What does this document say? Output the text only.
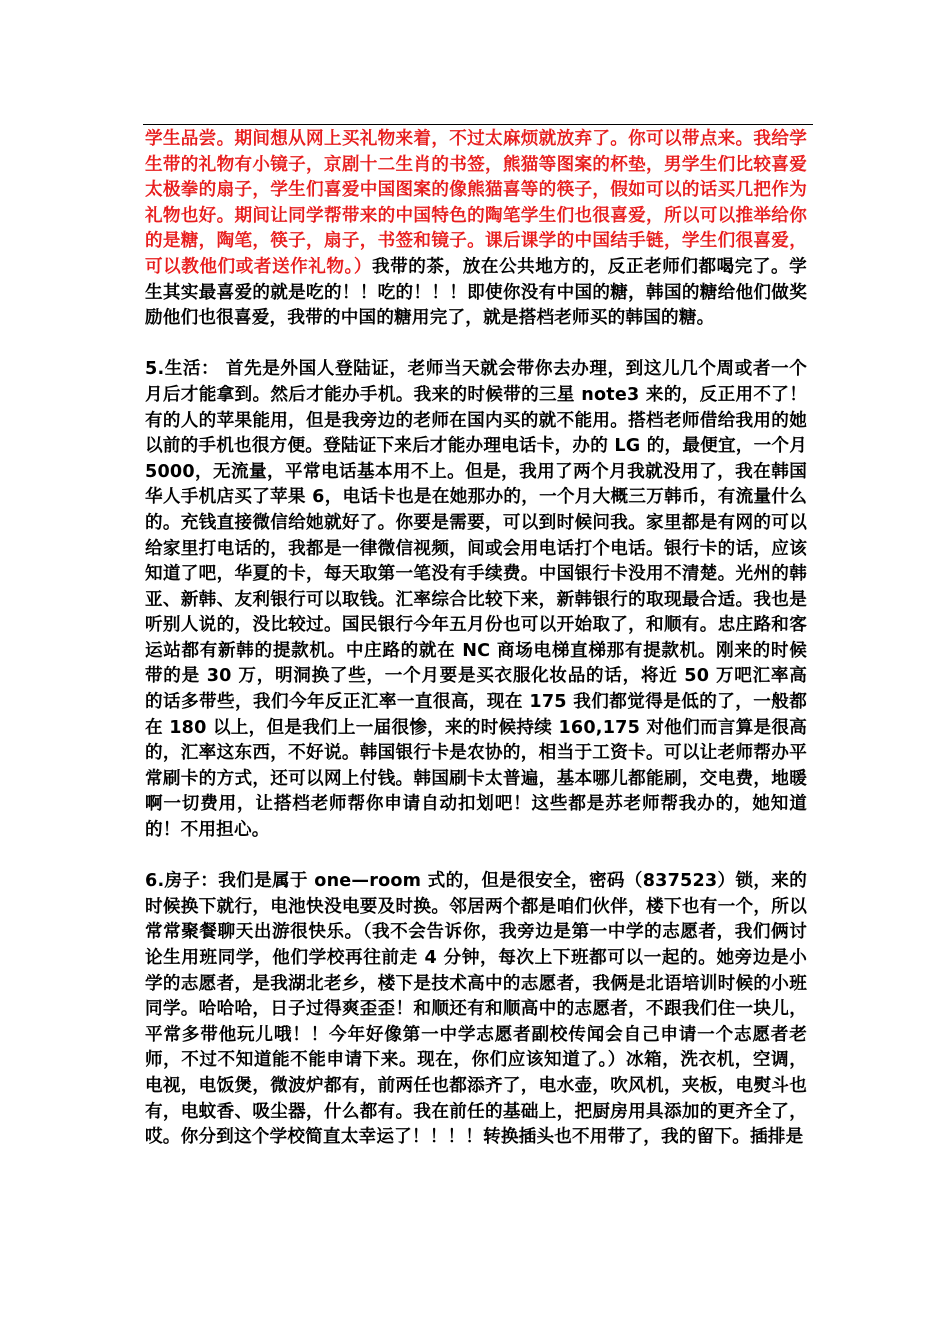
学生品尝。期间想从网上买礼物来着，不过太麻烦就放弃了。你可以带点来。我给学生带的礼物有小镜子，京剧十二生肖的书签，熊猫等图案的杯垫，男学生们比较喜爱太极拳的扇子，学生们喜爱中国图案的像熊猫喜等的筷子，假如可以的话买几把作为礼物也好。期间让同学帮带来的中国特色的陶笔学生们也很喜爱，所以可以推举给你的是糖，陶笔，筷子，扇子，书签和镜子。课后课学的中国结手链，学生们很喜爱，可以教他们或者送作礼物。）我带的茶，放在公共地方的，反正老师们都喝完了。学生其实最喜爱的就是吃的！！吃的！！！即使你没有中国的糖，韩国的糖给他们做奖励他们也很喜爱，我带的中国的糖用完了，就是搭档老师买的韩国的糖。

5.生活： 首先是外国人登陆证，老师当天就会带你去办理，到这儿几个周或者一个月后才能拿到。然后才能办手机。我来的时候带的三星 note3 来的，反正用不了！有的人的苹果能用，但是我旁边的老师在国内买的就不能用。搭档老师借给我用的她以前的手机也很方便。登陆证下来后才能办理电话卡，办的 LG 的，最便宜，一个月 5000，无流量，平常电话基本用不上。但是，我用了两个月我就没用了，我在韩国华人手机店买了苹果 6，电话卡也是在她那办的，一个月大概三万韩币，有流量什么的。充钱直接微信给她就好了。你要是需要，可以到时候问我。家里都是有网的可以给家里打电话的，我都是一律微信视频，间或会用电话打个电话。银行卡的话，应该知道了吧，华夏的卡，每天取第一笔没有手续费。中国银行卡没用不清楚。光州的韩亚、新韩、友利银行可以取钱。汇率综合比较下来，新韩银行的取现最合适。我也是听别人说的，没比较过。国民银行今年五月份也可以开始取了，和顺有。忠庄路和客运站都有新韩的提款机。中庄路的就在 NC 商场电梯直梯那有提款机。刚来的时候带的是 30 万，明洞换了些，一个月要是买衣服化妆品的话，将近 50 万吧汇率高的话多带些，我们今年反正汇率一直很高，现在 175 我们都觉得是低的了，一般都在 180 以上，但是我们上一届很惨，来的时候持续 160,175 对他们而言算是很高的，汇率这东西，不好说。韩国银行卡是农协的，相当于工资卡。可以让老师帮办平常刷卡的方式，还可以网上付钱。韩国刷卡太普遍，基本哪儿都能刷，交电费，地暖啊一切费用，让搭档老师帮你申请自动扣划吧！这些都是苏老师帮我办的，她知道的！不用担心。

6.房子：我们是属于 one—room 式的，但是很安全，密码（837523）锁，来的时候换下就行，电池快没电要及时换。邻居两个都是咱们伙伴，楼下也有一个，所以常常聚餐聊天出游很快乐。（我不会告诉你，我旁边是第一中学的志愿者，我们俩讨论生用班同学，他们学校再往前走 4 分钟，每次上下班都可以一起的。她旁边是小学的志愿者，是我湖北老乡，楼下是技术高中的志愿者，我俩是北语培训时候的小班同学。哈哈哈，日子过得爽歪歪！和顺还有和顺高中的志愿者，不跟我们住一块儿，平常多带他玩儿哦！！今年好像第一中学志愿者副校传闻会自己申请一个志愿者老师，不过不知道能不能申请下来。现在，你们应该知道了。）冰箱，洗衣机，空调，电视，电饭煲，微波炉都有，前两任也都添齐了，电水壶，吹风机，夹板，电熨斗也有，电蚊香、吸尘器，什么都有。我在前任的基础上，把厨房用具添加的更齐全了，哎。你分到这个学校简直太幸运了！！！！转换插头也不用带了，我的留下。插排是
